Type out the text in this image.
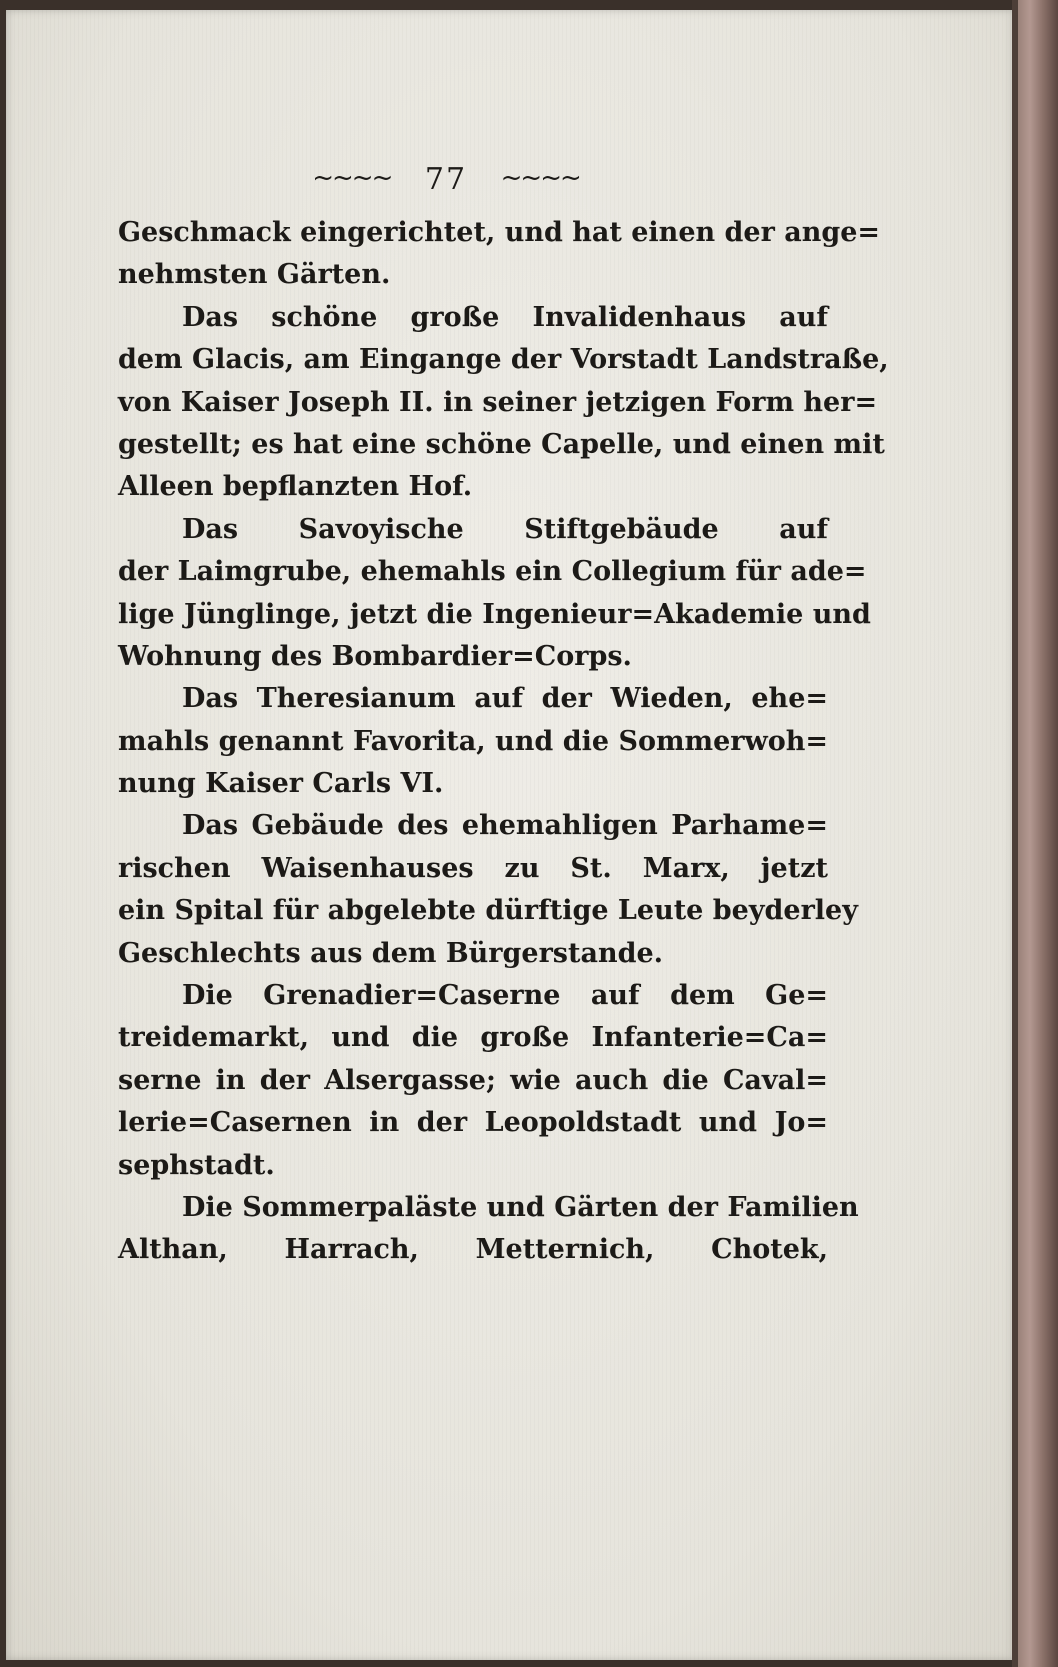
~~~~ 77 ~~~~
Geschmack eingerichtet, und hat einen der ange=
nehmsten Gärten.
Das schöne große Invalidenhaus auf
dem Glacis, am Eingange der Vorstadt Landstraße,
von Kaiser Joseph II. in seiner jetzigen Form her=
gestellt; es hat eine schöne Capelle, und einen mit
Alleen bepflanzten Hof.
Das Savoyische Stiftgebäude auf
der Laimgrube, ehemahls ein Collegium für ade=
lige Jünglinge, jetzt die Ingenieur=Akademie und
Wohnung des Bombardier=Corps.
Das Theresianum auf der Wieden, ehe=
mahls genannt Favorita, und die Sommerwoh=
nung Kaiser Carls VI.
Das Gebäude des ehemahligen Parhame=
rischen Waisenhauses zu St. Marx, jetzt
ein Spital für abgelebte dürftige Leute beyderley
Geschlechts aus dem Bürgerstande.
Die Grenadier=Caserne auf dem Ge=
treidemarkt, und die große Infanterie=Ca=
serne in der Alsergasse; wie auch die Caval=
lerie=Casernen in der Leopoldstadt und Jo=
sephstadt.
Die Sommerpaläste und Gärten der Familien
Althan, Harrach, Metternich, Chotek,
